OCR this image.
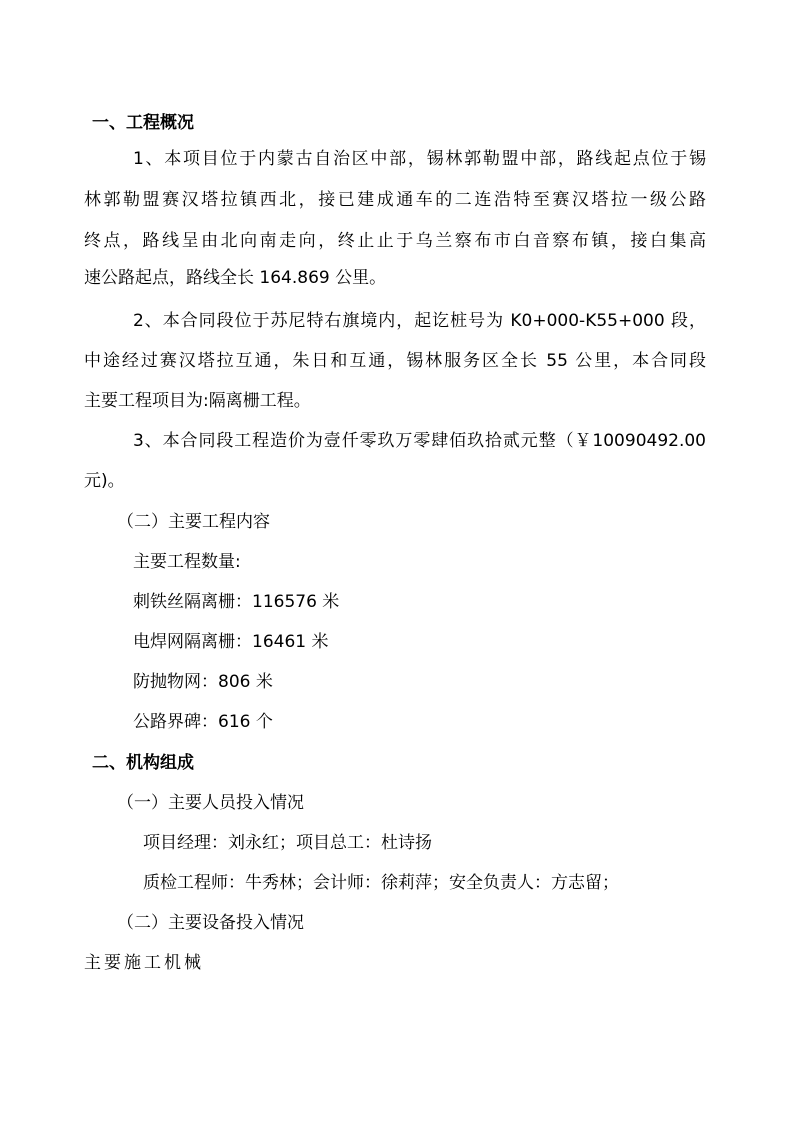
一、工程概况
1、本项目位于内蒙古自治区中部，锡林郭勒盟中部，路线起点位于锡
林郭勒盟赛汉塔拉镇西北，接已建成通车的二连浩特至赛汉塔拉一级公路
终点，路线呈由北向南走向，终止止于乌兰察布市白音察布镇，接白集高
速公路起点，路线全长 164.869 公里。
2、本合同段位于苏尼特右旗境内，起讫桩号为 K0+000-K55+000 段，
中途经过赛汉塔拉互通，朱日和互通，锡林服务区全长 55 公里，本合同段
主要工程项目为:隔离栅工程。
3、本合同段工程造价为壹仟零玖万零肆佰玖拾贰元整（￥10090492.00
元)。
（二）主要工程内容
主要工程数量:
刺铁丝隔离栅：116576 米
电焊网隔离栅：16461 米
防抛物网：806 米
公路界碑：616 个
二、机构组成
（一）主要人员投入情况
项目经理：刘永红；项目总工：杜诗扬
质检工程师：牛秀林；会计师：徐莉萍；安全负责人：方志留；
（二）主要设备投入情况
主要施工机械
